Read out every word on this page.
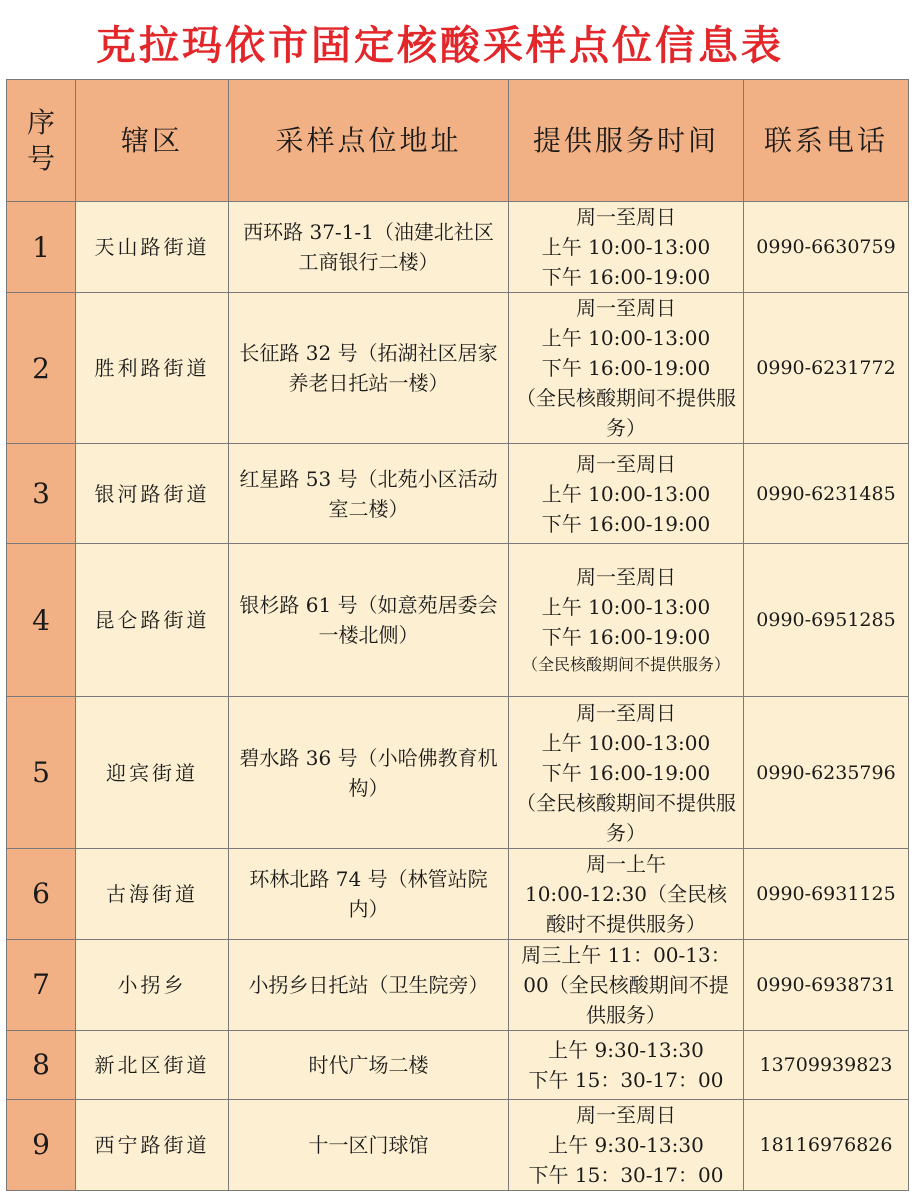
克拉玛依市固定核酸采样点位信息表
序号	辖区	采样点位地址	提供服务时间	联系电话
1	天山路街道	西环路 37-1-1（油建北社区工商银行二楼）	周一至周日
上午 10:00-13:00
下午 16:00-19:00	0990-6630759
2	胜利路街道	长征路 32 号（拓湖社区居家养老日托站一楼）	周一至周日
上午 10:00-13:00
下午 16:00-19:00
（全民核酸期间不提供服务）	0990-6231772
3	银河路街道	红星路 53 号（北苑小区活动室二楼）	周一至周日
上午 10:00-13:00
下午 16:00-19:00	0990-6231485
4	昆仑路街道	银杉路 61 号（如意苑居委会一楼北侧）	周一至周日
上午 10:00-13:00
下午 16:00-19:00
（全民核酸期间不提供服务）	0990-6951285
5	迎宾街道	碧水路 36 号（小哈佛教育机构）	周一至周日
上午 10:00-13:00
下午 16:00-19:00
（全民核酸期间不提供服务）	0990-6235796
6	古海街道	环林北路 74 号（林管站院内）	周一上午
10:00-12:30（全民核酸时不提供服务）	0990-6931125
7	小拐乡	小拐乡日托站（卫生院旁）	周三上午 11：00-13：00（全民核酸期间不提供服务）	0990-6938731
8	新北区街道	时代广场二楼	上午 9:30-13:30
下午 15：30-17：00	13709939823
9	西宁路街道	十一区门球馆	周一至周日
上午 9:30-13:30
下午 15：30-17：00	18116976826
